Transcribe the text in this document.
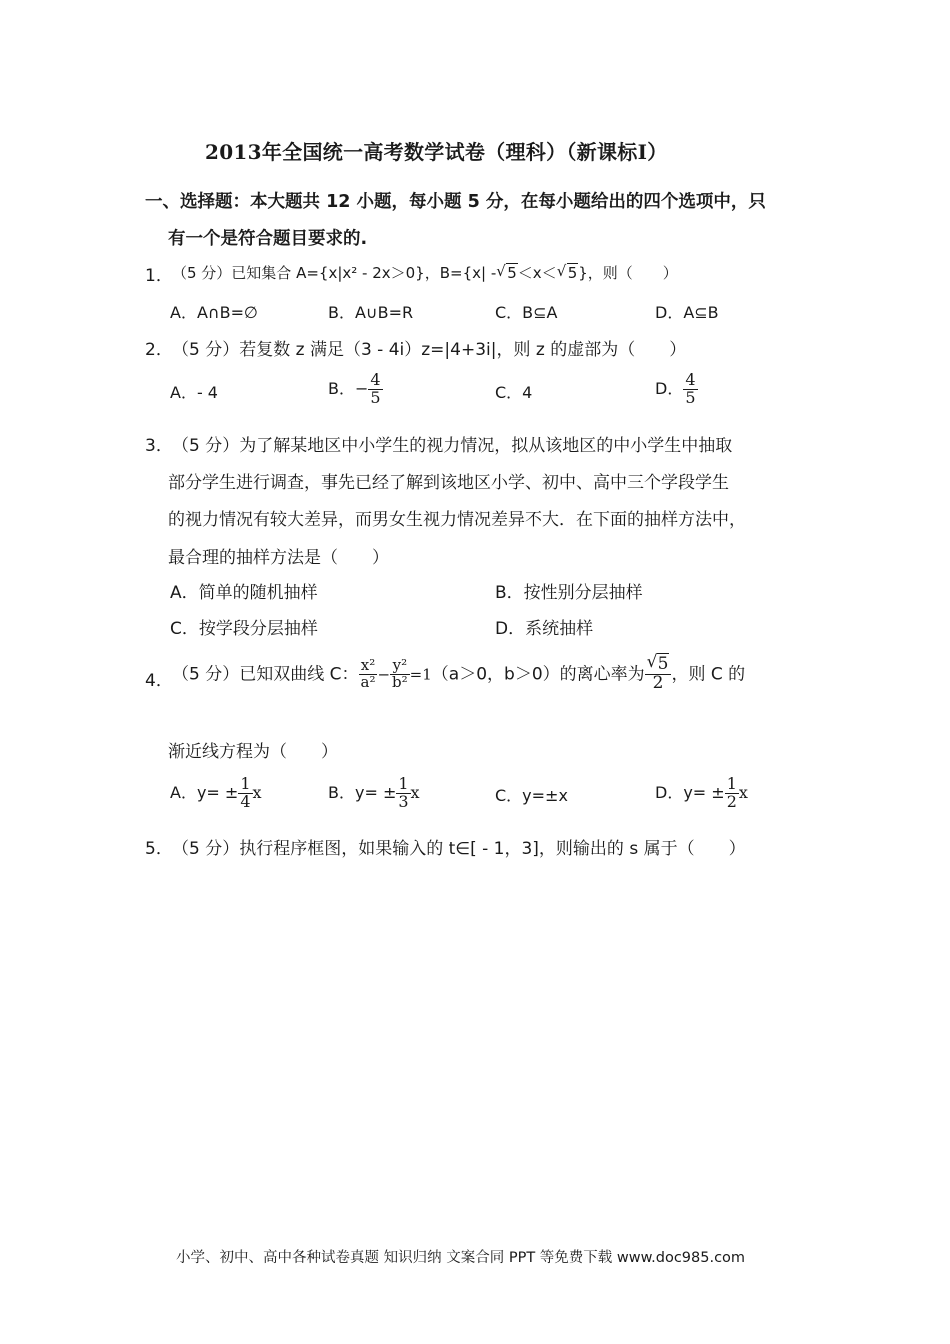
2013年全国统一高考数学试卷（理科）（新课标Ⅰ）
一、选择题：本大题共 12 小题，每小题 5 分，在每小题给出的四个选项中，只
有一个是符合题目要求的.
1． （5 分）已知集合 A={x|x² - 2x＞0}，B={x| - √ 5＜x＜ √ 5}，则（　　）
A．A∩B=∅	B．A∪B=R	C．B⊆A	D．A⊆B
2． （5 分）若复数 z 满足（3 - 4i）z=|4+3i|，则 z 的虚部为（　　）
A．- 4	B．− $\frac{4}{5}$	C．4	D． $\frac{4}{5}$
3． （5 分）为了解某地区中小学生的视力情况，拟从该地区的中小学生中抽取
部分学生进行调查，事先已经了解到该地区小学、初中、高中三个学段学生
的视力情况有较大差异，而男女生视力情况差异不大．在下面的抽样方法中，
最合理的抽样方法是（　　）
A．简单的随机抽样	B．按性别分层抽样
C．按学段分层抽样	D．系统抽样
4． （5 分）已知双曲线 C： $\frac{\text{x²}}{\text{a²}} - \frac{\text{y²}}{\text{b²}} =1(a>0$，b＞0）的离心率为 √ $\frac{5}{2}$ ，则 C 的
渐近线方程为（　　）
A．$y= \pm \frac{1}{4}$ x	B．$y= \pm \frac{1}{3}$ x	C．y=±x	D．$y= \pm \frac{1}{2}$ x
5． （5 分）执行程序框图，如果输入的 t∈[ - 1，3]，则输出的 s 属于（　　）
小学、初中、高中各种试卷真题 知识归纳 文案合同 PPT 等免费下载 www.doc985.com
